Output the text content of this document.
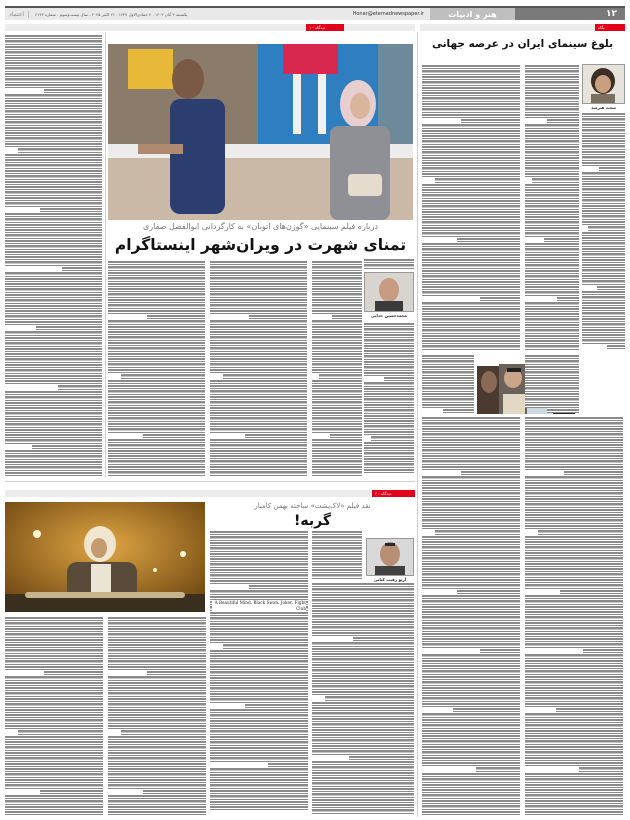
اعتماد	یکشنبه ۴ آبان ۱۴۰۴ . ۴ جمادی‌الاول ۱۴۴۷ . ۲۶ اکتبر ۲۰۲۵ . سال بیست‌وسوم . شماره ۶۱۲۳	Honar@etemadnewspaper.ir	هنر و ادبیات	۱۲
دیدگاه - ۱	نگاه
درباره فیلم سینمایی «گوزن‌های اتوبان» به کارگردانی ابوالفضل صفاری
تمنای شهرت در ویران‌شهر اینستاگرام
محمدحسین خدایی
بلوغ سینمای ایران در عرصه جهانی
سعید هنرمند
دیدگاه - ۲
نقد فیلم «لاک‌پشت» ساخته بهمن کامیار
گربه!
آرپو رقیب کیانی
A Beautiful Mind، Black Swan، Joker، Fight Club
